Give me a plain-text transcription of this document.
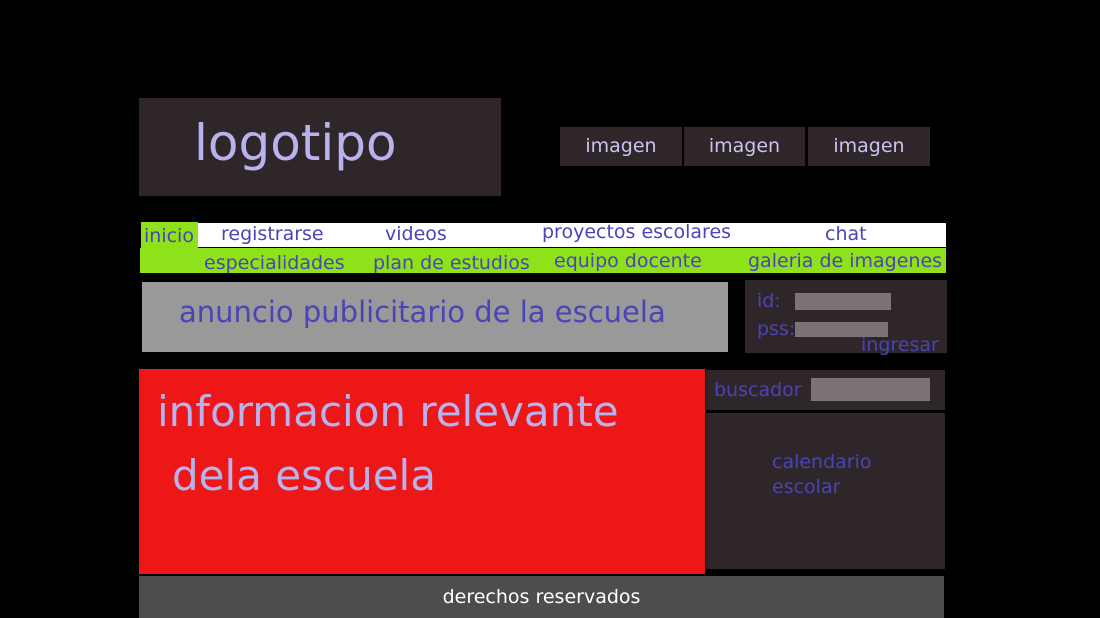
logotipo	imagen	imagen	imagen
inicio registrarse	videos	proyectos escolares	chat
especialidades plan de estudios equipo docente galeria de imagenes
anuncio publicitario de la escuela	id:
pss:
ingresar
informacion relevante
dela escuela
buscador
calendario
escolar
derechos reservados
